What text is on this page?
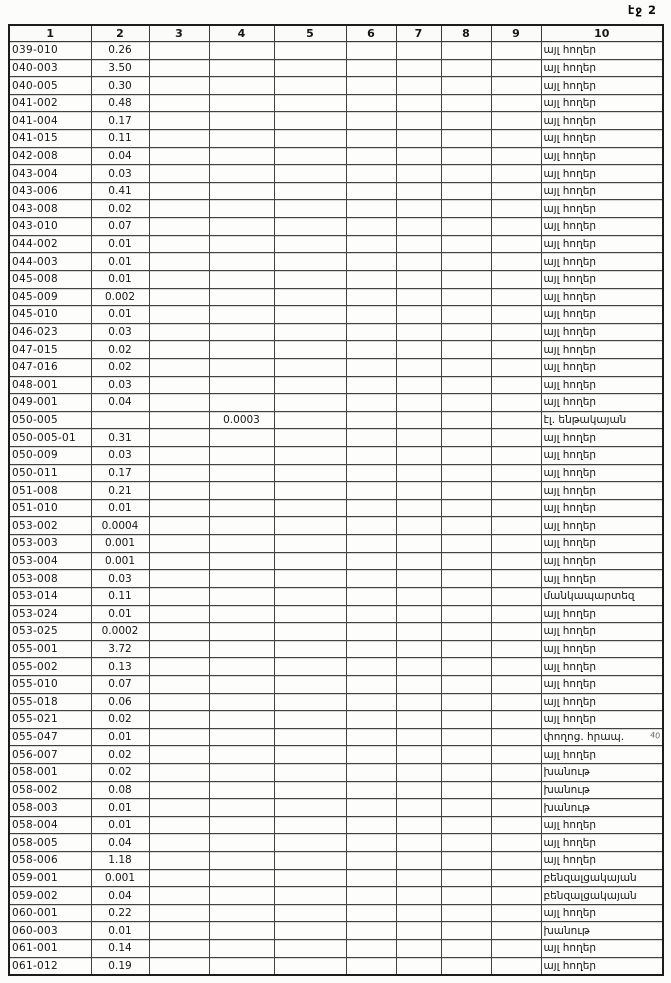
էջ 2
1	2	3	4	5	6	7	8	9	10
039-010	0.26								այլ հողեր
040-003	3.50								այլ հողեր
040-005	0.30								այլ հողեր
041-002	0.48								այլ հողեր
041-004	0.17								այլ հողեր
041-015	0.11								այլ հողեր
042-008	0.04								այլ հողեր
043-004	0.03								այլ հողեր
043-006	0.41								այլ հողեր
043-008	0.02								այլ հողեր
043-010	0.07								այլ հողեր
044-002	0.01								այլ հողեր
044-003	0.01								այլ հողեր
045-008	0.01								այլ հողեր
045-009	0.002								այլ հողեր
045-010	0.01								այլ հողեր
046-023	0.03								այլ հողեր
047-015	0.02								այլ հողեր
047-016	0.02								այլ հողեր
048-001	0.03								այլ հողեր
049-001	0.04								այլ հողեր
050-005			0.0003						էլ. ենթակայան
050-005-01	0.31								այլ հողեր
050-009	0.03								այլ հողեր
050-011	0.17								այլ հողեր
051-008	0.21								այլ հողեր
051-010	0.01								այլ հողեր
053-002	0.0004								այլ հողեր
053-003	0.001								այլ հողեր
053-004	0.001								այլ հողեր
053-008	0.03								այլ հողեր
053-014	0.11								մանկապարտեզ
053-024	0.01								այլ հողեր
053-025	0.0002								այլ հողեր
055-001	3.72								այլ հողեր
055-002	0.13								այլ հողեր
055-010	0.07								այլ հողեր
055-018	0.06								այլ հողեր
055-021	0.02								այլ հողեր
055-047	0.01								փողոց. հրապ.
056-007	0.02								այլ հողեր
058-001	0.02								խանութ
058-002	0.08								խանութ
058-003	0.01								խանութ
058-004	0.01								այլ հողեր
058-005	0.04								այլ հողեր
058-006	1.18								այլ հողեր
059-001	0.001								բենզալցակայան
059-002	0.04								բենզալցակայան
060-001	0.22								այլ հողեր
060-003	0.01								խանութ
061-001	0.14								այլ հողեր
061-012	0.19								այլ հողեր
40
